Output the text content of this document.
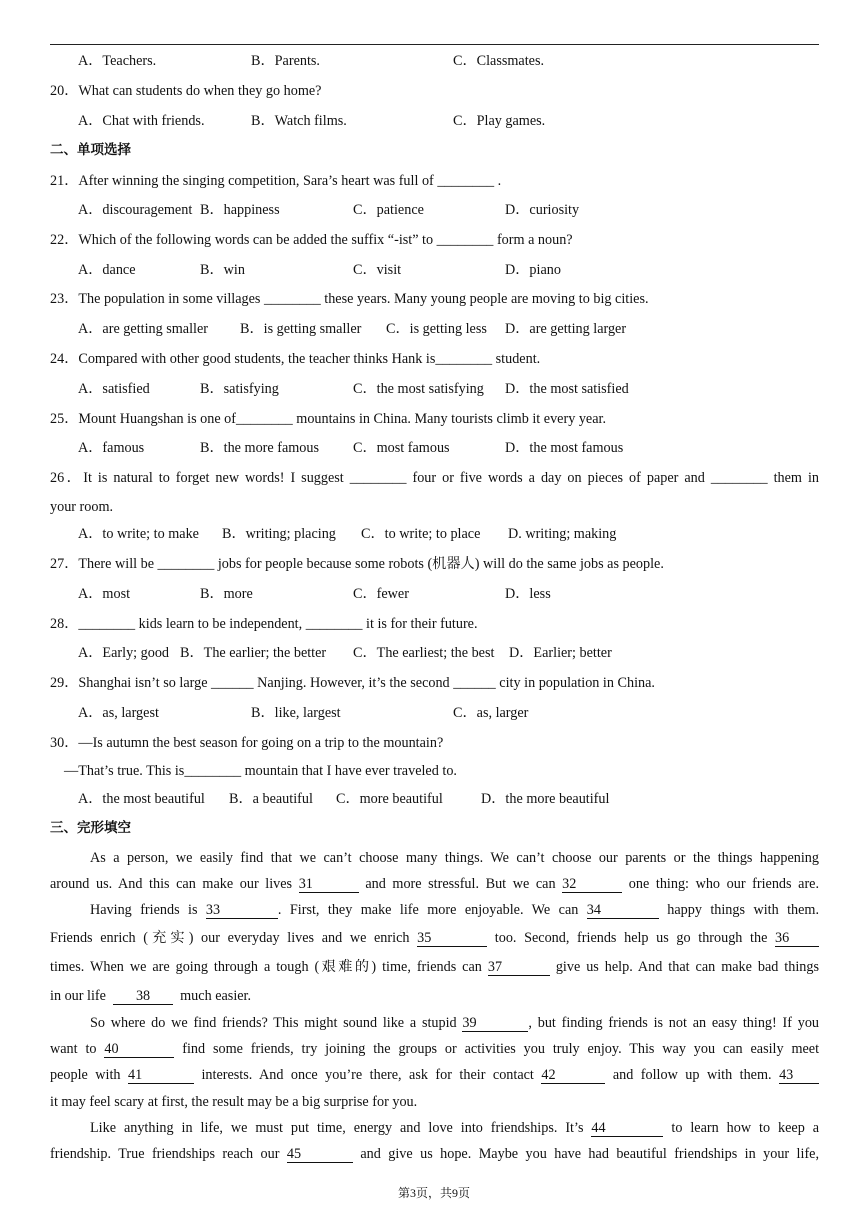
A．Teachers.	B．Parents.	C．Classmates.
20．What can students do when they go home?
A．Chat with friends.	B．Watch films.	C．Play games.
二、单项选择
21．After winning the singing competition, Sara’s heart was full of ________ .
A．discouragement B．happiness	C．patience	D．curiosity
22．Which of the following words can be added the suffix “-ist” to ________ form a noun?
A．dance	B．win	C．visit	D．piano
23．The population in some villages ________ these years. Many young people are moving to big cities.
A．are getting smaller B．is getting smaller C．is getting less D．are getting larger
24．Compared with other good students, the teacher thinks Hank is________ student.
A．satisfied	B．satisfying	C．the most satisfying D．the most satisfied
25．Mount Huangshan is one of________ mountains in China. Many tourists climb it every year.
A．famous	B．the more famous C．most famous	D．the most famous
26．It is natural to forget new words! I suggest ________ four or five words a day on pieces of paper and ________ them in
your room.
A．to write; to make B．writing; placing C．to write; to place D. writing; making
27．There will be ________ jobs for people because some robots (机器人) will do the same jobs as people.
A．most	B．more	C．fewer	D．less
28．________ kids learn to be independent, ________ it is for their future.
A．Early; good B．The earlier; the better C．The earliest; the best D．Earlier; better
29．Shanghai isn’t so large ______ Nanjing. However, it’s the second ______ city in population in China.
A．as, largest	B．like, largest	C．as, larger
30．—Is autumn the best season for going on a trip to the mountain?
—That’s true. This is________ mountain that I have ever traveled to.
A．the most beautiful B．a beautiful C．more beautiful	D．the more beautiful
三、完形填空
As a person, we easily find that we can’t choose many things. We can’t choose our parents or the things happening
around us. And this can make our lives 31	and more stressful. But we can 32	one thing: who our friends are.
Having friends is 33	. First, they make life more enjoyable. We can 34	happy things with them.
Friends enrich (充实) our everyday lives and we enrich 35	too. Second, friends help us go through the 36
times. When we are going through a tough (艰难的) time, friends can 37	give us help. And that can make bad things
in our life 38 much easier.
So where do we find friends? This might sound like a stupid 39	, but finding friends is not an easy thing! If you
want to 40	find some friends, try joining the groups or activities you truly enjoy. This way you can easily meet
people with 41	interests. And once you’re there, ask for their contact 42	and follow up with them. 43
it may feel scary at first, the result may be a big surprise for you.
Like anything in life, we must put time, energy and love into friendships. It’s 44	to learn how to keep a
friendship. True friendships reach our 45	and give us hope. Maybe you have had beautiful friendships in your life,
第3页，共9页
